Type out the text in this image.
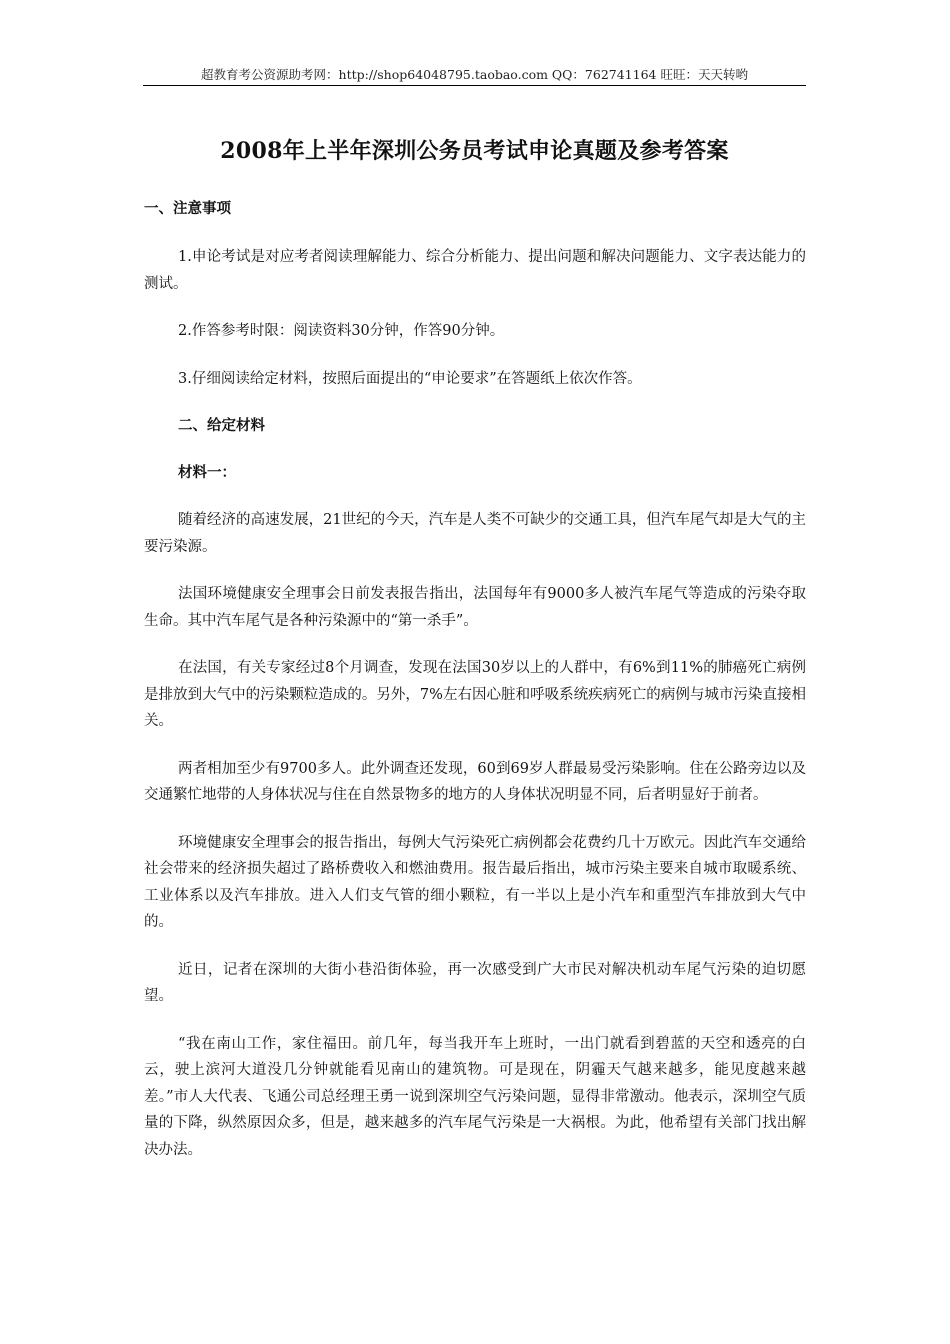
超教育考公资源助考网：http://shop64048795.taobao.com QQ：762741164 旺旺：天天转哟
2008年上半年深圳公务员考试申论真题及参考答案

一、注意事项

1.申论考试是对应考者阅读理解能力、综合分析能力、提出问题和解决问题能力、文字表达能力的测试。

2.作答参考时限：阅读资料30分钟，作答90分钟。

3.仔细阅读给定材料，按照后面提出的“申论要求”在答题纸上依次作答。

二、给定材料

材料一：

随着经济的高速发展，21世纪的今天，汽车是人类不可缺少的交通工具，但汽车尾气却是大气的主要污染源。

法国环境健康安全理事会日前发表报告指出，法国每年有9000多人被汽车尾气等造成的污染夺取生命。其中汽车尾气是各种污染源中的“第一杀手”。

在法国，有关专家经过8个月调查，发现在法国30岁以上的人群中，有6%到11%的肺癌死亡病例是排放到大气中的污染颗粒造成的。另外，7%左右因心脏和呼吸系统疾病死亡的病例与城市污染直接相关。

两者相加至少有9700多人。此外调查还发现，60到69岁人群最易受污染影响。住在公路旁边以及交通繁忙地带的人身体状况与住在自然景物多的地方的人身体状况明显不同，后者明显好于前者。

环境健康安全理事会的报告指出，每例大气污染死亡病例都会花费约几十万欧元。因此汽车交通给社会带来的经济损失超过了路桥费收入和燃油费用。报告最后指出，城市污染主要来自城市取暖系统、工业体系以及汽车排放。进入人们支气管的细小颗粒，有一半以上是小汽车和重型汽车排放到大气中的。

近日，记者在深圳的大街小巷沿街体验，再一次感受到广大市民对解决机动车尾气污染的迫切愿望。

“我在南山工作，家住福田。前几年，每当我开车上班时，一出门就看到碧蓝的天空和透亮的白云，驶上滨河大道没几分钟就能看见南山的建筑物。可是现在，阴霾天气越来越多，能见度越来越差。”市人大代表、飞通公司总经理王勇一说到深圳空气污染问题，显得非常激动。他表示，深圳空气质量的下降，纵然原因众多，但是，越来越多的汽车尾气污染是一大祸根。为此，他希望有关部门找出解决办法。
